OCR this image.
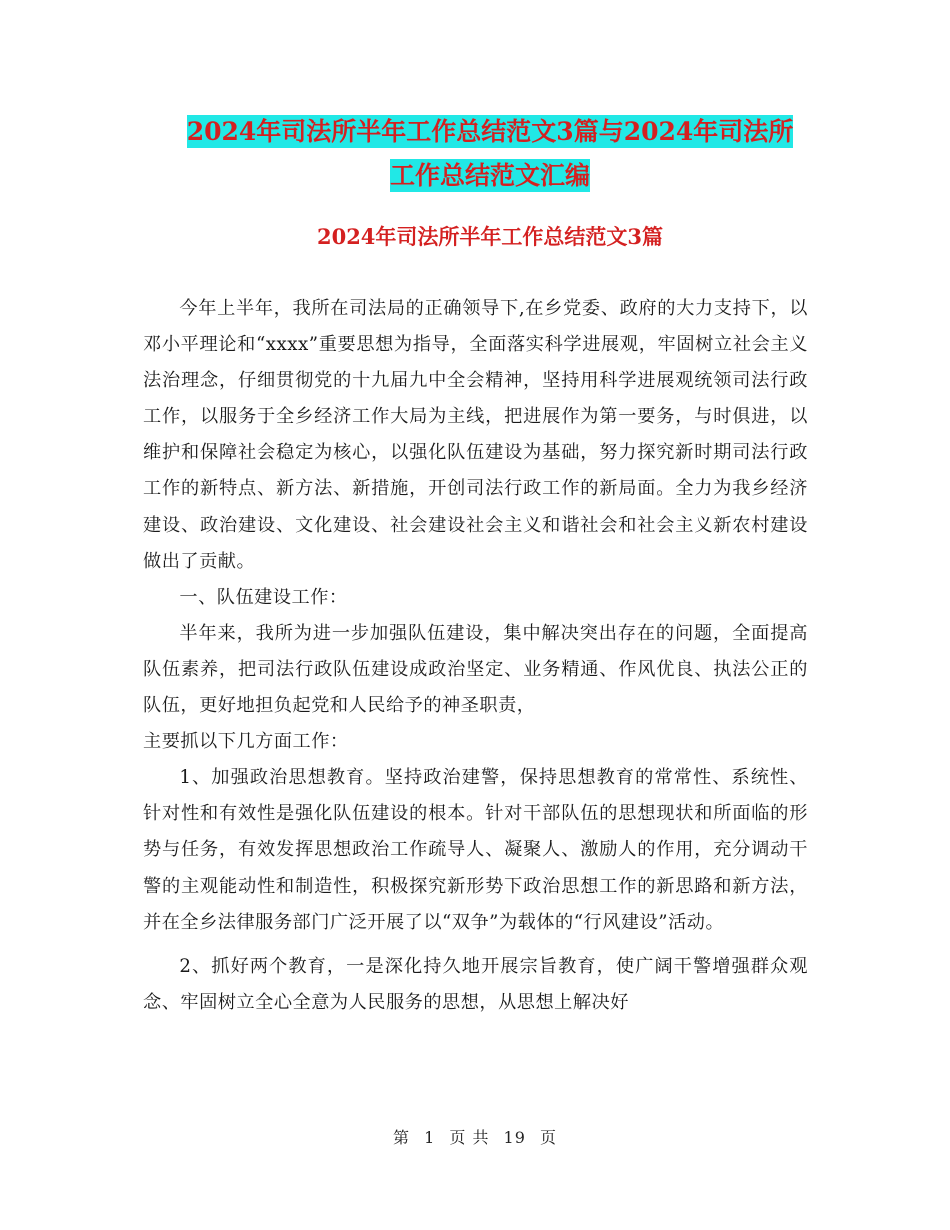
2024年司法所半年工作总结范文3篇与2024年司法所
工作总结范文汇编
2024年司法所半年工作总结范文3篇

今年上半年，我所在司法局的正确领导下,在乡党委、政府的大力支持下，以邓小平理论和“xxxx”重要思想为指导，全面落实科学进展观，牢固树立社会主义法治理念，仔细贯彻党的十九届九中全会精神，坚持用科学进展观统领司法行政工作，以服务于全乡经济工作大局为主线，把进展作为第一要务，与时俱进，以维护和保障社会稳定为核心，以强化队伍建设为基础，努力探究新时期司法行政工作的新特点、新方法、新措施，开创司法行政工作的新局面。全力为我乡经济建设、政治建设、文化建设、社会建设社会主义和谐社会和社会主义新农村建设做出了贡献。

一、队伍建设工作：

半年来，我所为进一步加强队伍建设，集中解决突出存在的问题，全面提高队伍素养，把司法行政队伍建设成政治坚定、业务精通、作风优良、执法公正的队伍，更好地担负起党和人民给予的神圣职责，

主要抓以下几方面工作：

1、加强政治思想教育。坚持政治建警，保持思想教育的常常性、系统性、针对性和有效性是强化队伍建设的根本。针对干部队伍的思想现状和所面临的形势与任务，有效发挥思想政治工作疏导人、凝聚人、激励人的作用，充分调动干警的主观能动性和制造性，积极探究新形势下政治思想工作的新思路和新方法，并在全乡法律服务部门广泛开展了以“双争”为载体的“行风建设”活动。

2、抓好两个教育，一是深化持久地开展宗旨教育，使广阔干警增强群众观念、牢固树立全心全意为人民服务的思想，从思想上解决好

第 1 页 共 19 页
